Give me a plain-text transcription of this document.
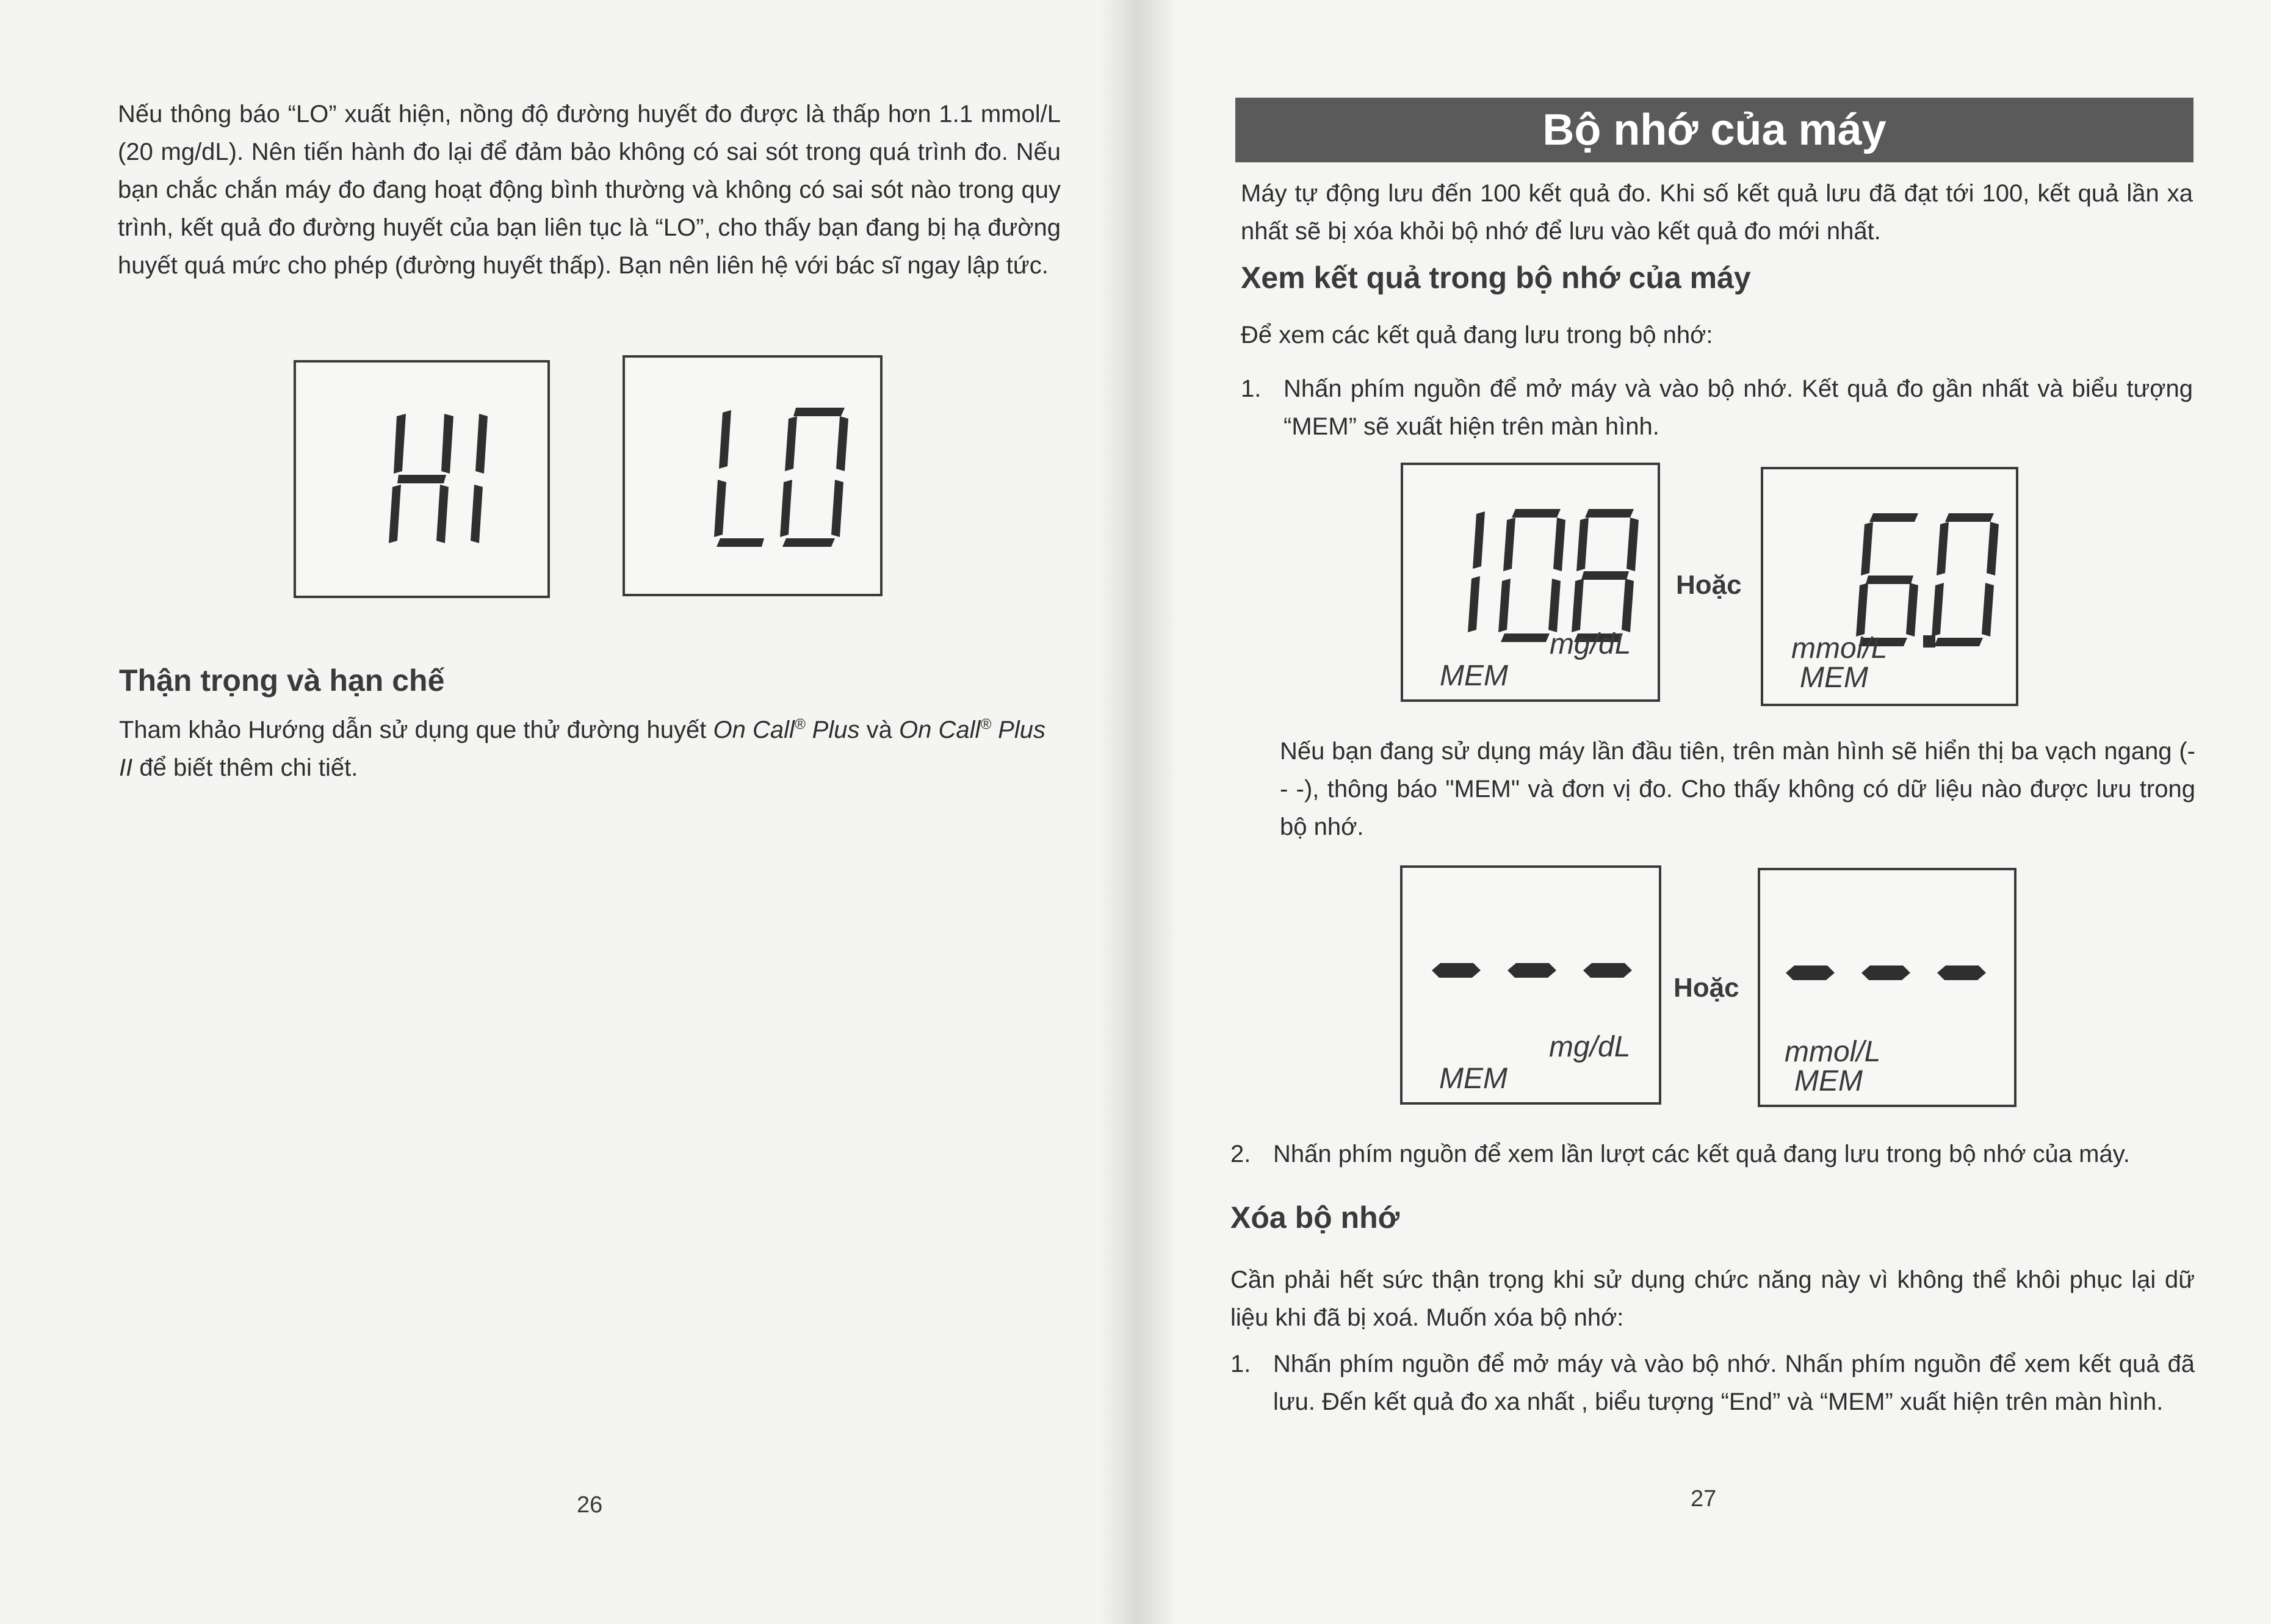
Nếu thông báo “LO” xuất hiện, nồng độ đường huyết đo được là thấp hơn 1.1 mmol/L (20 mg/dL). Nên tiến hành đo lại để đảm bảo không có sai sót trong quá trình đo. Nếu bạn chắc chắn máy đo đang hoạt động bình thường và không có sai sót nào trong quy trình, kết quả đo đường huyết của bạn liên tục là “LO”, cho thấy bạn đang bị hạ đường huyết quá mức cho phép (đường huyết thấp). Bạn nên liên hệ với bác sĩ ngay lập tức.
Thận trọng và hạn chế
Tham khảo Hướng dẫn sử dụng que thử đường huyết On Call® Plus và On Call® Plus II để biết thêm chi tiết.
26
Bộ nhớ của máy
Máy tự động lưu đến 100 kết quả đo. Khi số kết quả lưu đã đạt tới 100, kết quả lần xa nhất sẽ bị xóa khỏi bộ nhớ để lưu vào kết quả đo mới nhất.
Xem kết quả trong bộ nhớ của máy
Để xem các kết quả đang lưu trong bộ nhớ:
1. Nhấn phím nguồn để mở máy và vào bộ nhớ. Kết quả đo gần nhất và biểu tượng “MEM” sẽ xuất hiện trên màn hình.
mg/dL
MEM
Hoặc
mmol/L
MEM
Nếu bạn đang sử dụng máy lần đầu tiên, trên màn hình sẽ hiển thị ba vạch ngang (- - -), thông báo "MEM" và đơn vị đo. Cho thấy không có dữ liệu nào được lưu trong bộ nhớ.
mg/dL
MEM
Hoặc
mmol/L
MEM
2. Nhấn phím nguồn để xem lần lượt các kết quả đang lưu trong bộ nhớ của máy.
Xóa bộ nhớ
Cần phải hết sức thận trọng khi sử dụng chức năng này vì không thể khôi phục lại dữ liệu khi đã bị xoá. Muốn xóa bộ nhớ:
1. Nhấn phím nguồn để mở máy và vào bộ nhớ. Nhấn phím nguồn để xem kết quả đã lưu. Đến kết quả đo xa nhất , biểu tượng “End” và “MEM” xuất hiện trên màn hình.
27
